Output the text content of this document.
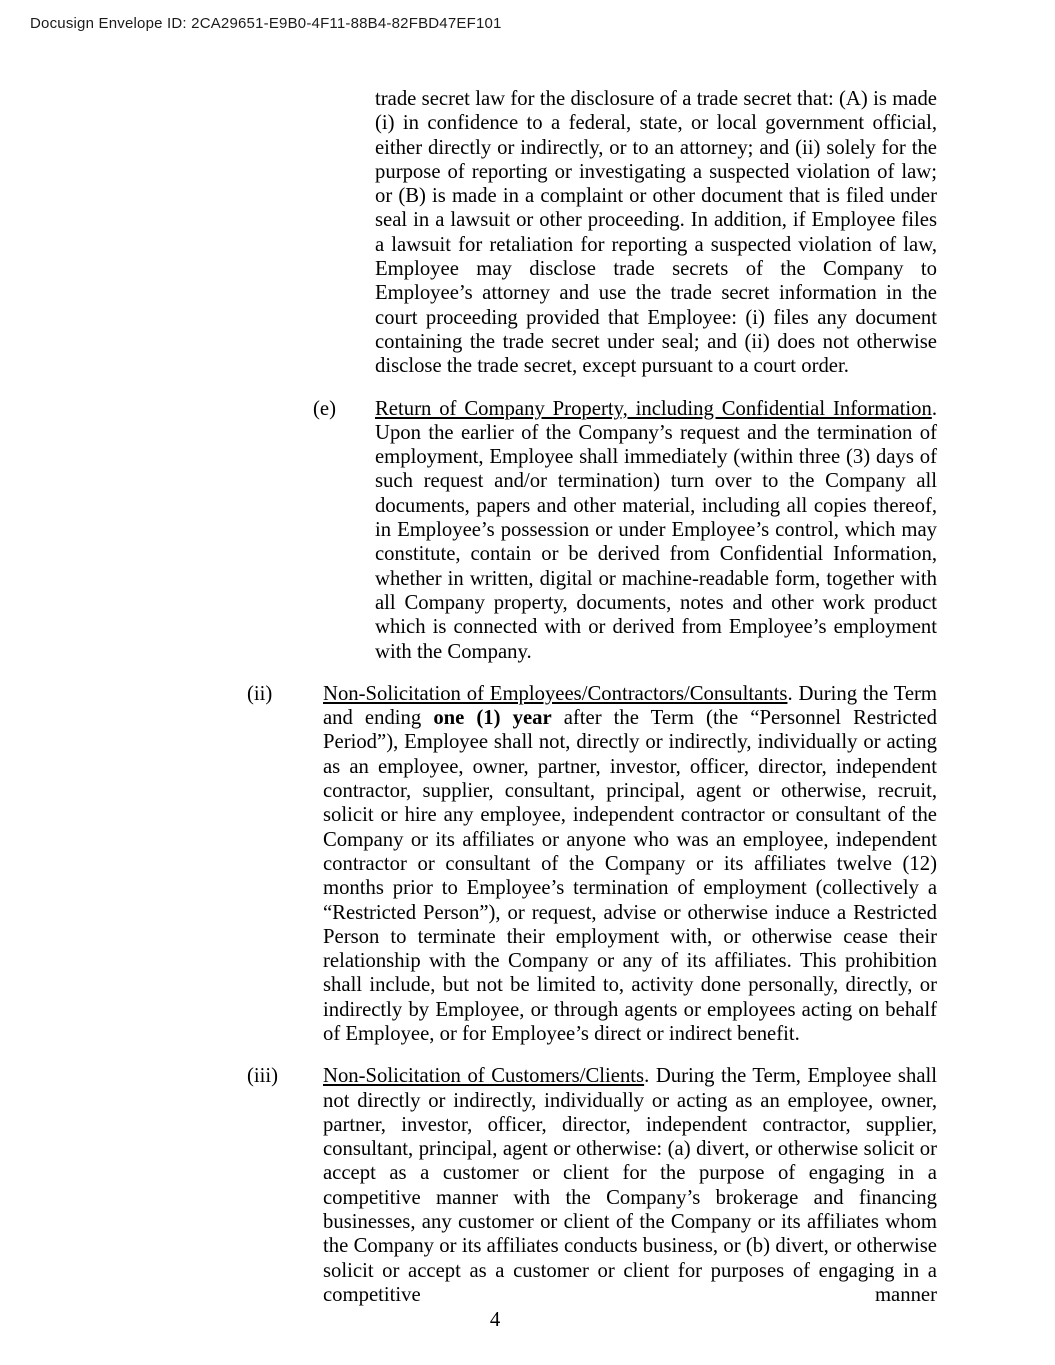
Docusign Envelope ID: 2CA29651-E9B0-4F11-88B4-82FBD47EF101

trade secret law for the disclosure of a trade secret that: (A) is made (i) in confidence to a federal, state, or local government official, either directly or indirectly, or to an attorney; and (ii) solely for the purpose of reporting or investigating a suspected violation of law; or (B) is made in a complaint or other document that is filed under seal in a lawsuit or other proceeding. In addition, if Employee files a lawsuit for retaliation for reporting a suspected violation of law, Employee may disclose trade secrets of the Company to Employee’s attorney and use the trade secret information in the court proceeding provided that Employee: (i) files any document containing the trade secret under seal; and (ii) does not otherwise disclose the trade secret, except pursuant to a court order.

(e) Return of Company Property, including Confidential Information. Upon the earlier of the Company’s request and the termination of employment, Employee shall immediately (within three (3) days of such request and/or termination) turn over to the Company all documents, papers and other material, including all copies thereof, in Employee’s possession or under Employee’s control, which may constitute, contain or be derived from Confidential Information, whether in written, digital or machine-readable form, together with all Company property, documents, notes and other work product which is connected with or derived from Employee’s employment with the Company.

(ii) Non-Solicitation of Employees/Contractors/Consultants. During the Term and ending one (1) year after the Term (the “Personnel Restricted Period”), Employee shall not, directly or indirectly, individually or acting as an employee, owner, partner, investor, officer, director, independent contractor, supplier, consultant, principal, agent or otherwise, recruit, solicit or hire any employee, independent contractor or consultant of the Company or its affiliates or anyone who was an employee, independent contractor or consultant of the Company or its affiliates twelve (12) months prior to Employee’s termination of employment (collectively a “Restricted Person”), or request, advise or otherwise induce a Restricted Person to terminate their employment with, or otherwise cease their relationship with the Company or any of its affiliates. This prohibition shall include, but not be limited to, activity done personally, directly, or indirectly by Employee, or through agents or employees acting on behalf of Employee, or for Employee’s direct or indirect benefit.

(iii) Non-Solicitation of Customers/Clients. During the Term, Employee shall not directly or indirectly, individually or acting as an employee, owner, partner, investor, officer, director, independent contractor, supplier, consultant, principal, agent or otherwise: (a) divert, or otherwise solicit or accept as a customer or client for the purpose of engaging in a competitive manner with the Company’s brokerage and financing businesses, any customer or client of the Company or its affiliates whom the Company or its affiliates conducts business, or (b) divert, or otherwise solicit or accept as a customer or client for purposes of engaging in a competitive manner

4
